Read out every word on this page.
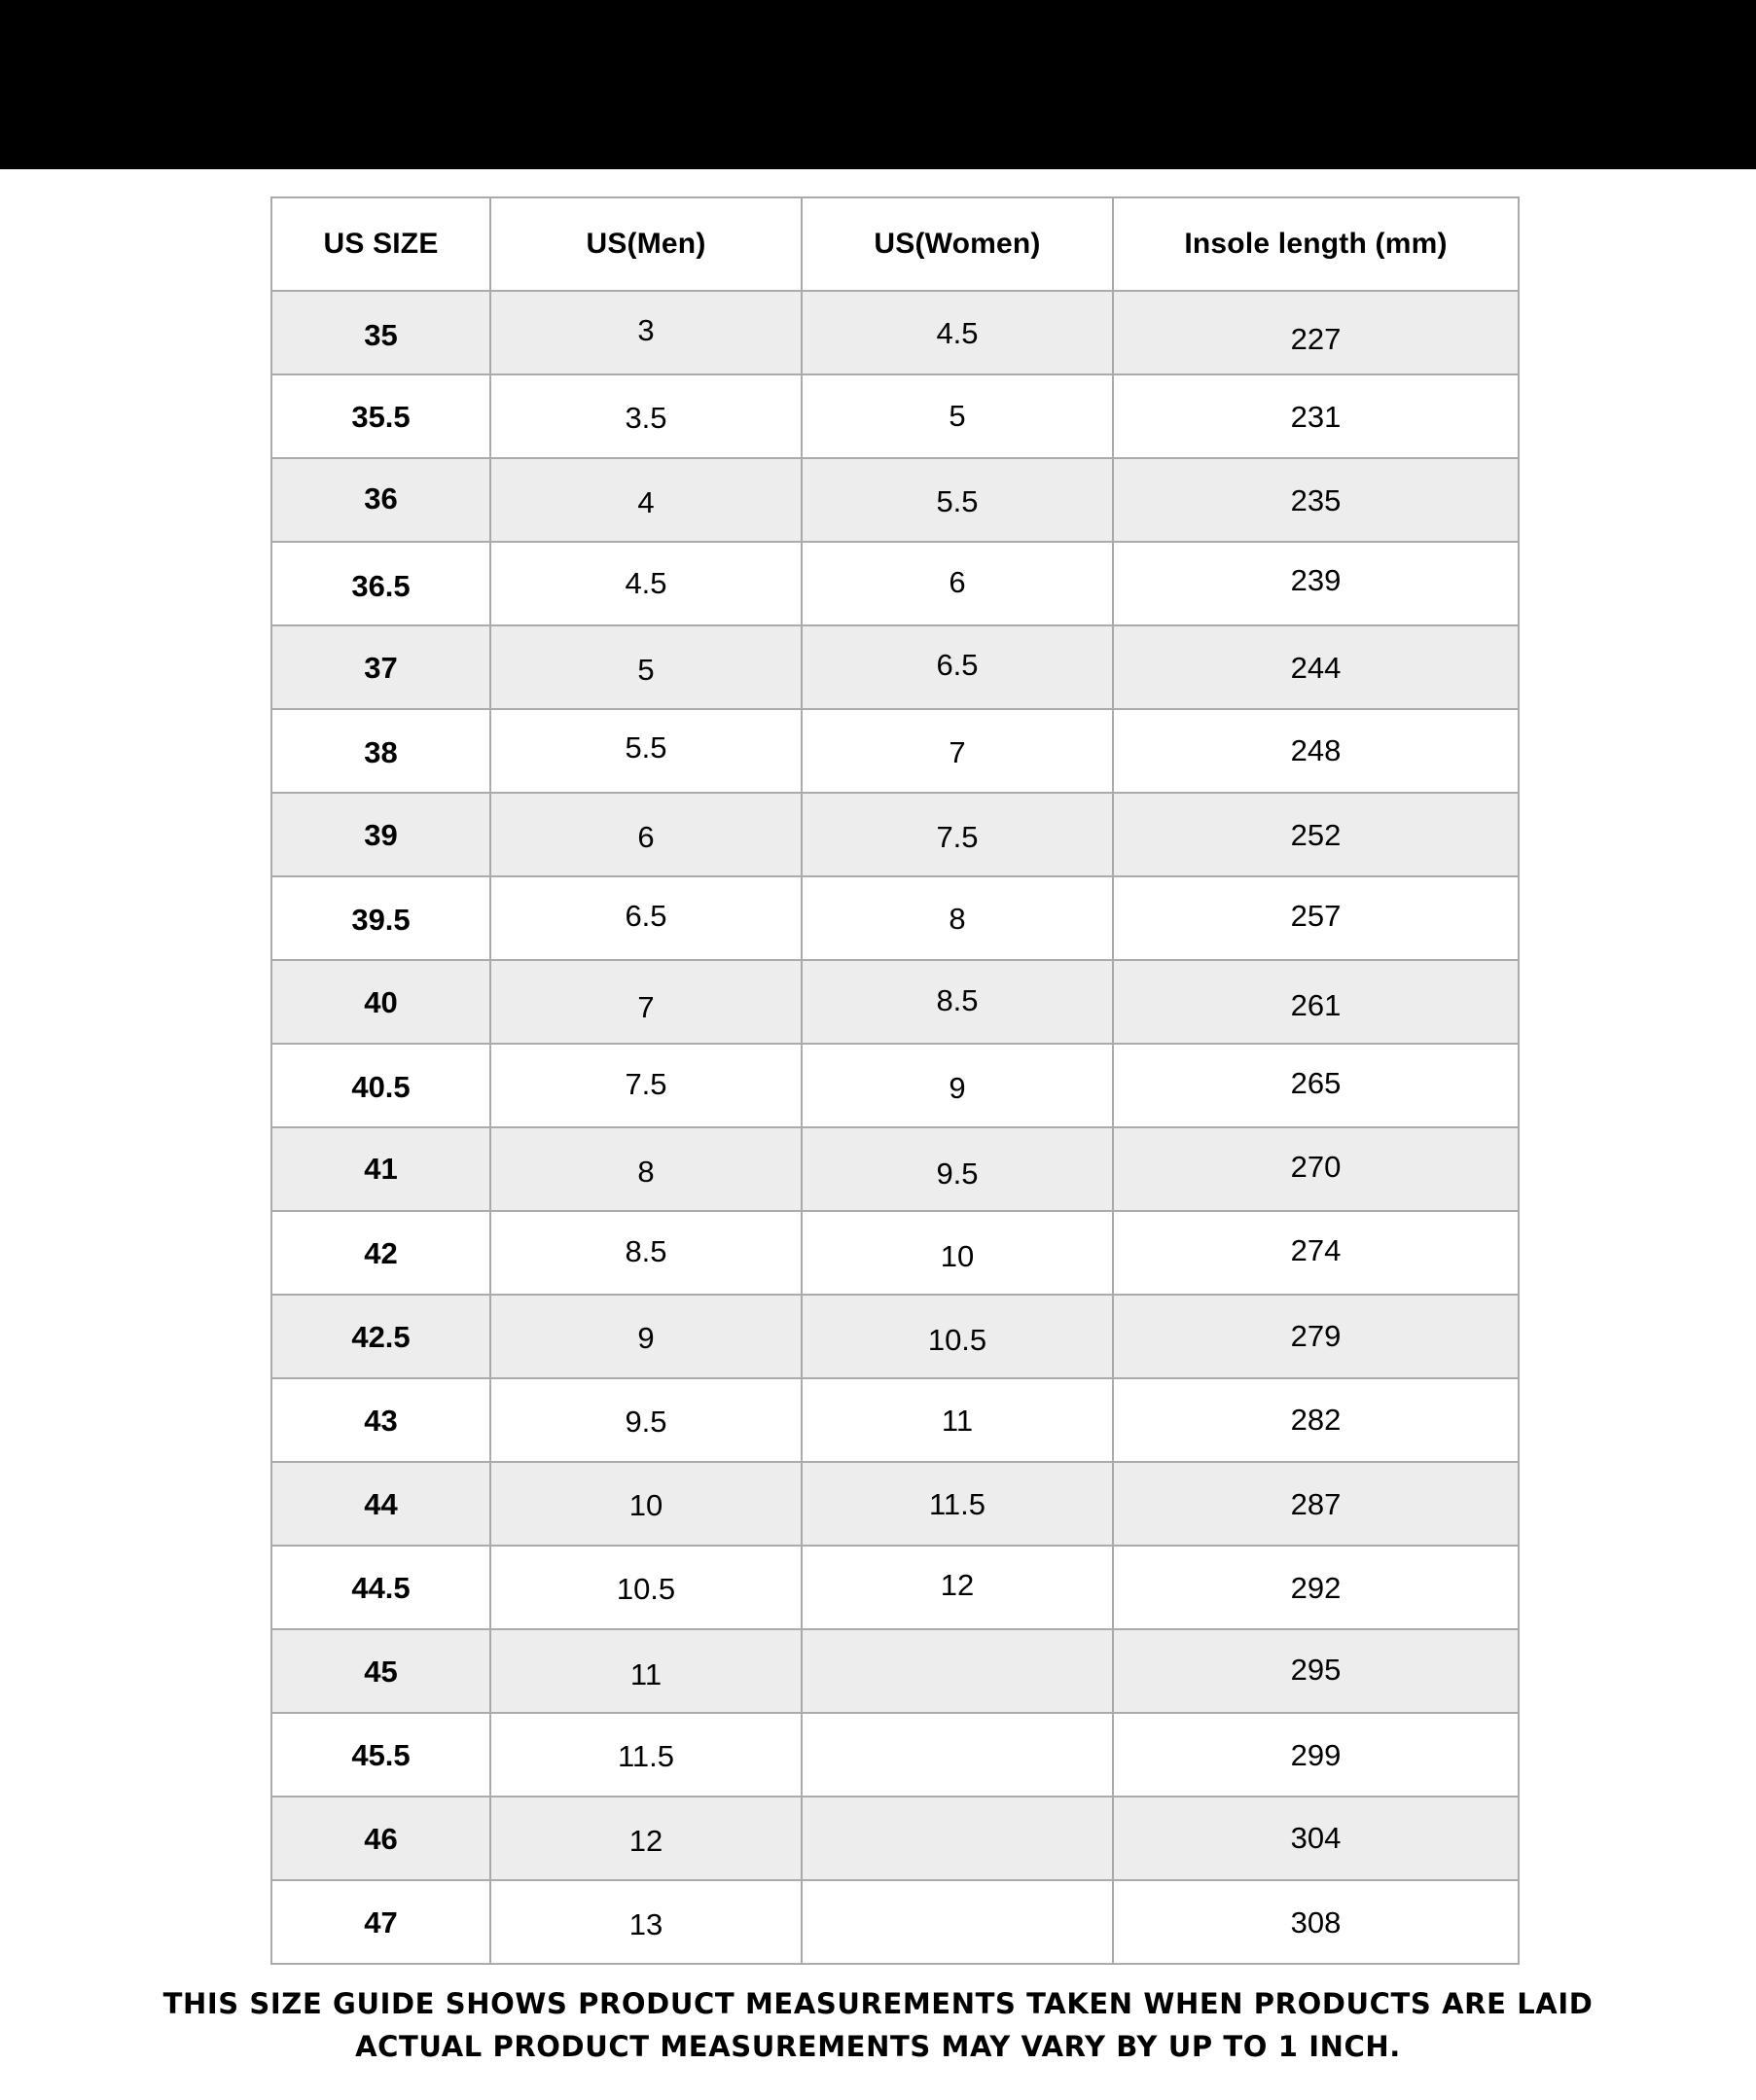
US SIZE	US(Men)	US(Women)	Insole length (mm)

35	3	4.5	227

35.5	3.5	5	231

36	4	5.5	235

36.5	4.5	6	239

37	5	6.5	244

38	5.5	7	248

39	6	7.5	252

39.5	6.5	8	257

40	7	8.5	261

40.5	7.5	9	265

41	8	9.5	270

42	8.5	10	274

42.5	9	10.5	279

43	9.5	11	282

44	10	11.5	287

44.5	10.5	12	292

45	11		295

45.5	11.5		299

46	12		304

47	13		308
THIS SIZE GUIDE SHOWS PRODUCT MEASUREMENTS TAKEN WHEN PRODUCTS ARE LAID
ACTUAL PRODUCT MEASUREMENTS MAY VARY BY UP TO 1 INCH.
